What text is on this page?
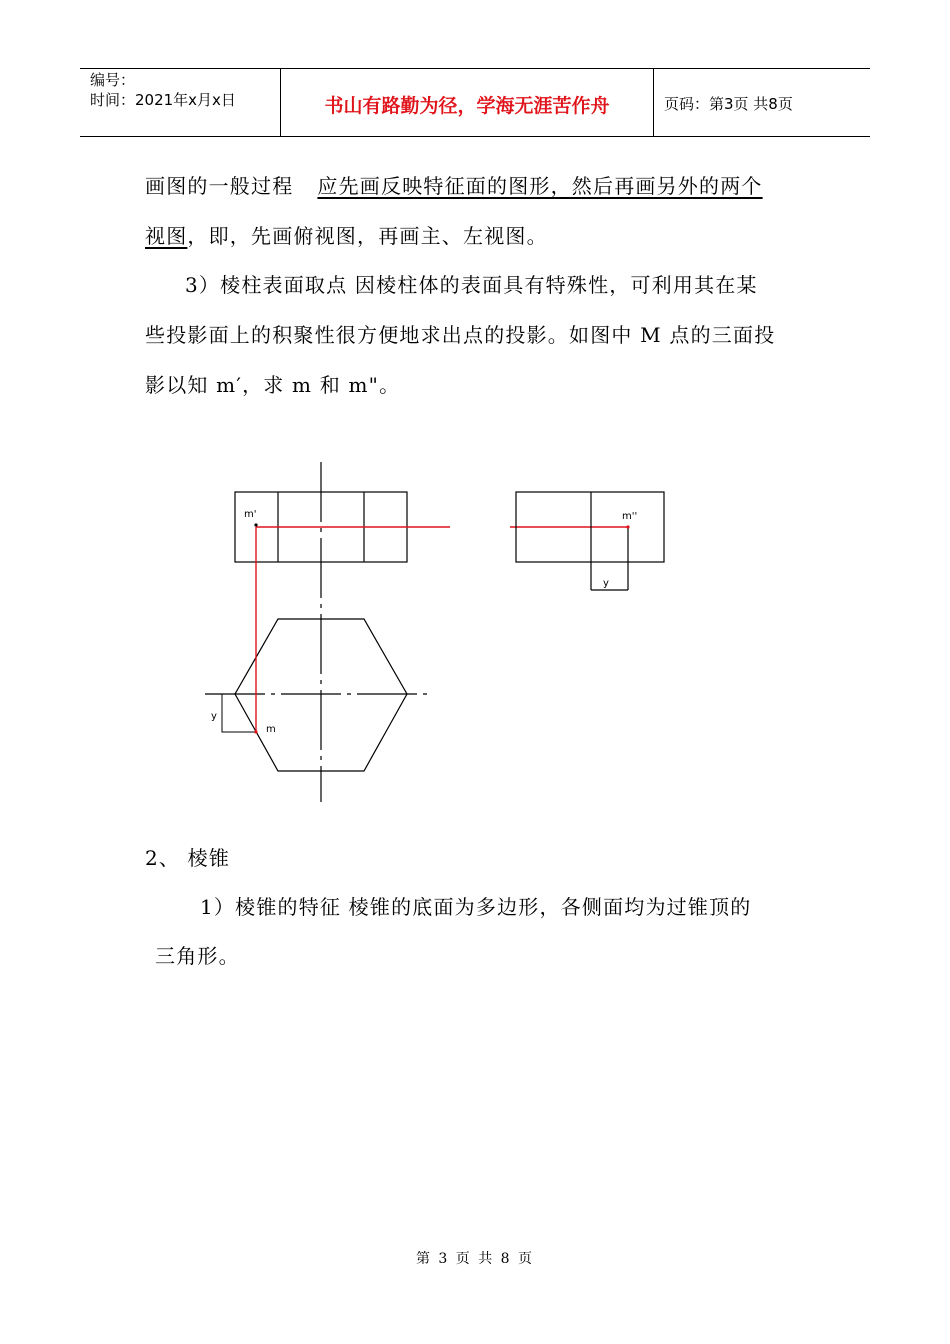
编号：
时间：2021年x月x日	书山有路勤为径，学海无涯苦作舟	页码：第3页 共8页
画图的一般过程 应先画反映特征面的图形，然后再画另外的两个
视图，即，先画俯视图，再画主、左视图。
3）棱柱表面取点 因棱柱体的表面具有特殊性，可利用其在某
些投影面上的积聚性很方便地求出点的投影。如图中 M 点的三面投
影以知 m′，求 m 和 m"。
m'
m
y
m''
y
2、 棱锥
1）棱锥的特征 棱锥的底面为多边形，各侧面均为过锥顶的
三角形。
第 3 页 共 8 页
